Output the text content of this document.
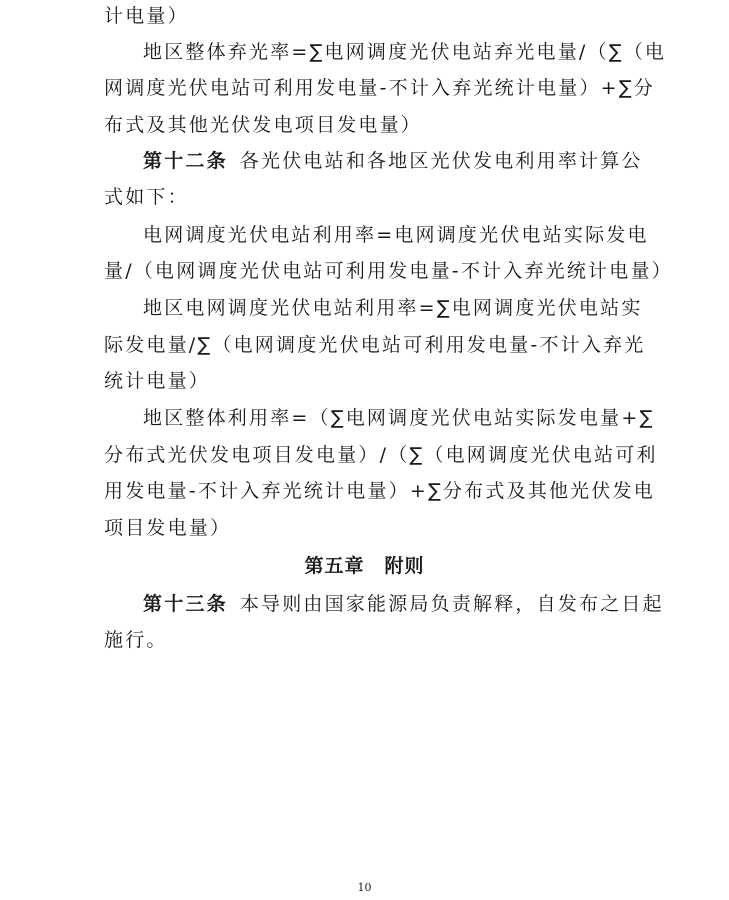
计电量）
地区整体弃光率=∑电网调度光伏电站弃光电量/（∑（电
网调度光伏电站可利用发电量-不计入弃光统计电量）+∑分
布式及其他光伏发电项目发电量）
第十二条 各光伏电站和各地区光伏发电利用率计算公
式如下：
电网调度光伏电站利用率=电网调度光伏电站实际发电
量/（电网调度光伏电站可利用发电量-不计入弃光统计电量）
地区电网调度光伏电站利用率=∑电网调度光伏电站实
际发电量/∑（电网调度光伏电站可利用发电量-不计入弃光
统计电量）
地区整体利用率=（∑电网调度光伏电站实际发电量+∑
分布式光伏发电项目发电量）/（∑（电网调度光伏电站可利
用发电量-不计入弃光统计电量）+∑分布式及其他光伏发电
项目发电量）
第五章　附则
第十三条 本导则由国家能源局负责解释，自发布之日起
施行。
10
